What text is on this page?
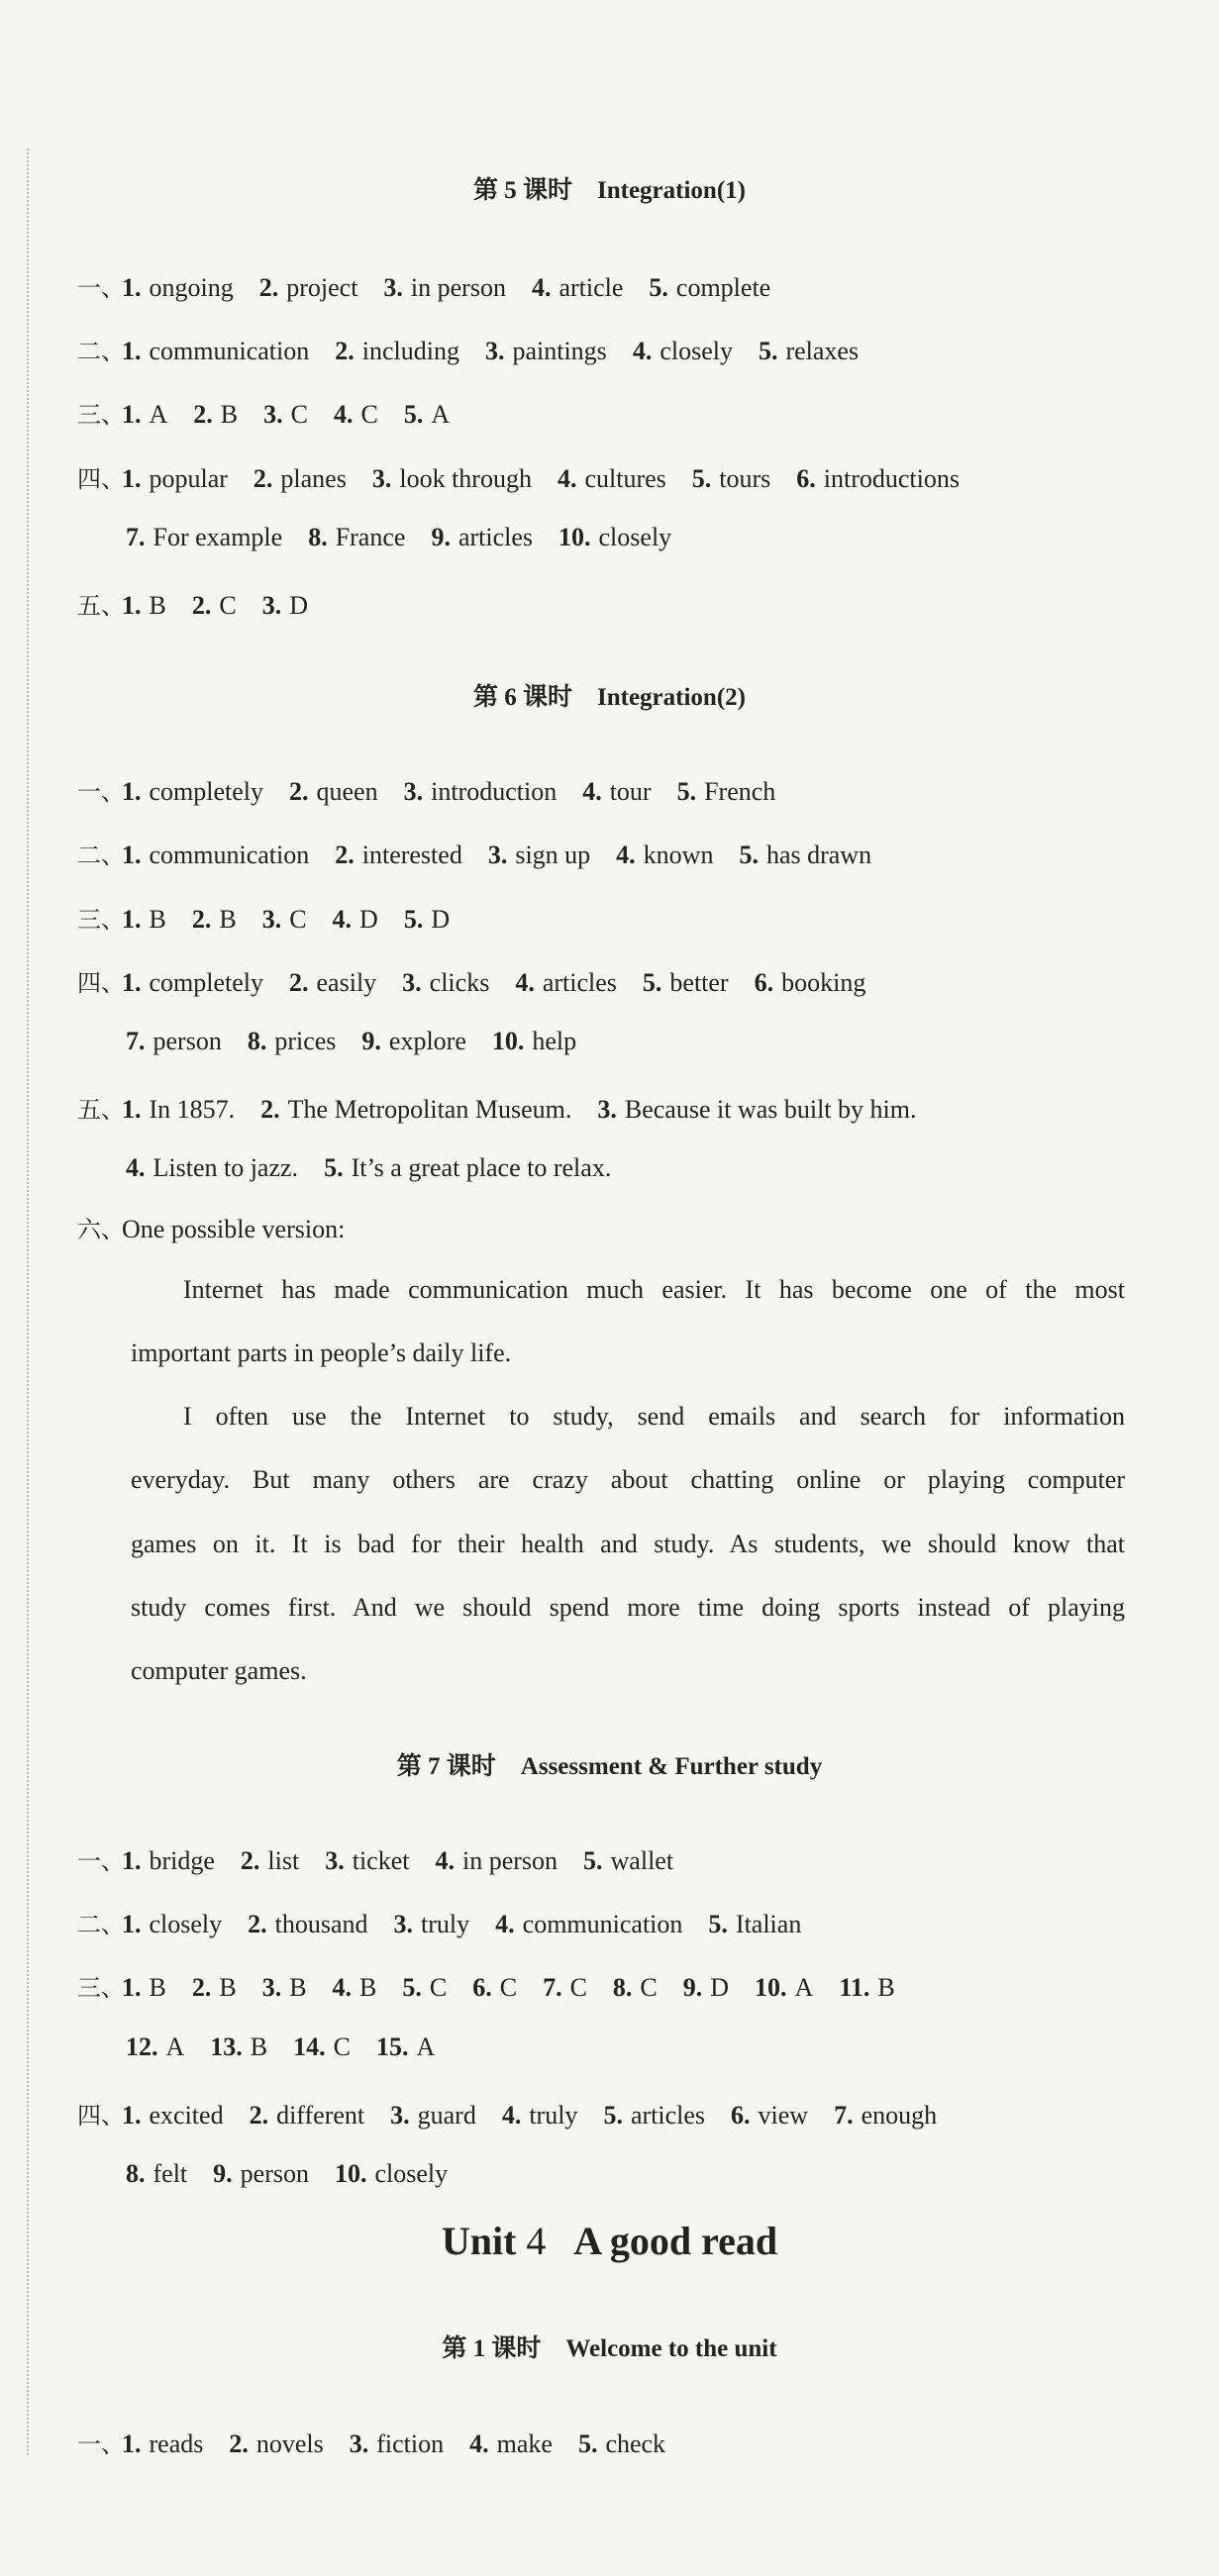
第 5 课时　Integration(1)
一、1. ongoing 2. project 3. in person 4. article 5. complete
二、1. communication 2. including 3. paintings 4. closely 5. relaxes
三、1. A 2. B 3. C 4. C 5. A
四、1. popular 2. planes 3. look through 4. cultures 5. tours 6. introductions
7. For example 8. France 9. articles 10. closely
五、1. B 2. C 3. D
第 6 课时　Integration(2)
一、1. completely 2. queen 3. introduction 4. tour 5. French
二、1. communication 2. interested 3. sign up 4. known 5. has drawn
三、1. B 2. B 3. C 4. D 5. D
四、1. completely 2. easily 3. clicks 4. articles 5. better 6. booking
7. person 8. prices 9. explore 10. help
五、1. In 1857. 2. The Metropolitan Museum. 3. Because it was built by him.
4. Listen to jazz. 5. It’s a great place to relax.
六、One possible version:
Internet has made communication much easier. It has become one of the most
important parts in people’s daily life.
I often use the Internet to study, send emails and search for information
everyday. But many others are crazy about chatting online or playing computer
games on it. It is bad for their health and study. As students, we should know that
study comes first. And we should spend more time doing sports instead of playing
computer games.
第 7 课时　Assessment & Further study
一、1. bridge 2. list 3. ticket 4. in person 5. wallet
二、1. closely 2. thousand 3. truly 4. communication 5. Italian
三、1. B 2. B 3. B 4. B 5. C 6. C 7. C 8. C 9. D 10. A 11. B
12. A 13. B 14. C 15. A
四、1. excited 2. different 3. guard 4. truly 5. articles 6. view 7. enough
8. felt 9. person 10. closely
Unit 4 A good read
第 1 课时　Welcome to the unit
一、1. reads 2. novels 3. fiction 4. make 5. check
